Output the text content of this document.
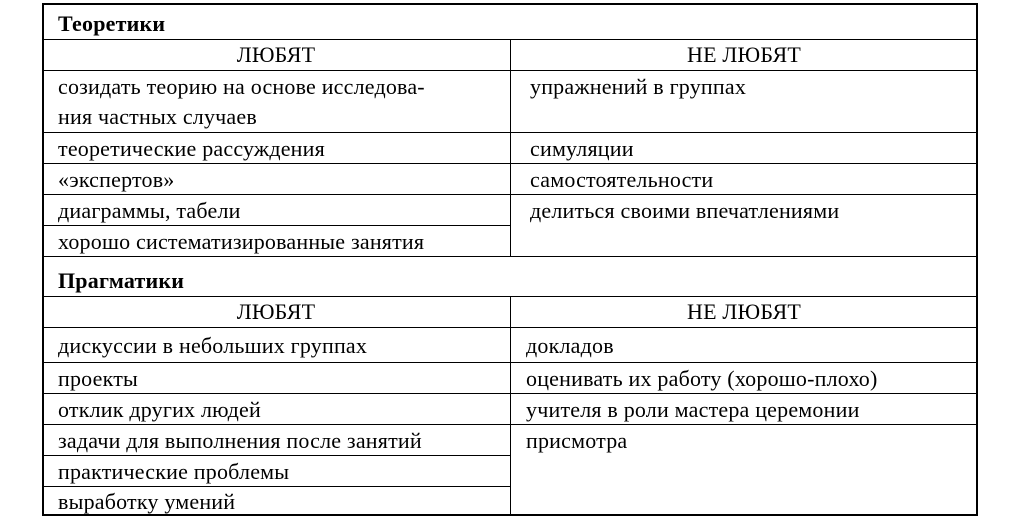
Теоретики
ЛЮБЯТ	НЕ ЛЮБЯТ
созидать теорию на основе исследова-
ния частных случаев
теоретические рассуждения
«экспертов»
диаграммы, табели
хорошо систематизированные занятия
упражнений в группах
симуляции
самостоятельности
делиться своими впечатлениями
Прагматики
ЛЮБЯТ	НЕ ЛЮБЯТ
дискуссии в небольших группах
проекты
отклик других людей
задачи для выполнения после занятий
практические проблемы
выработку умений
докладов
оценивать их работу (хорошо-плохо)
учителя в роли мастера церемонии
присмотра
